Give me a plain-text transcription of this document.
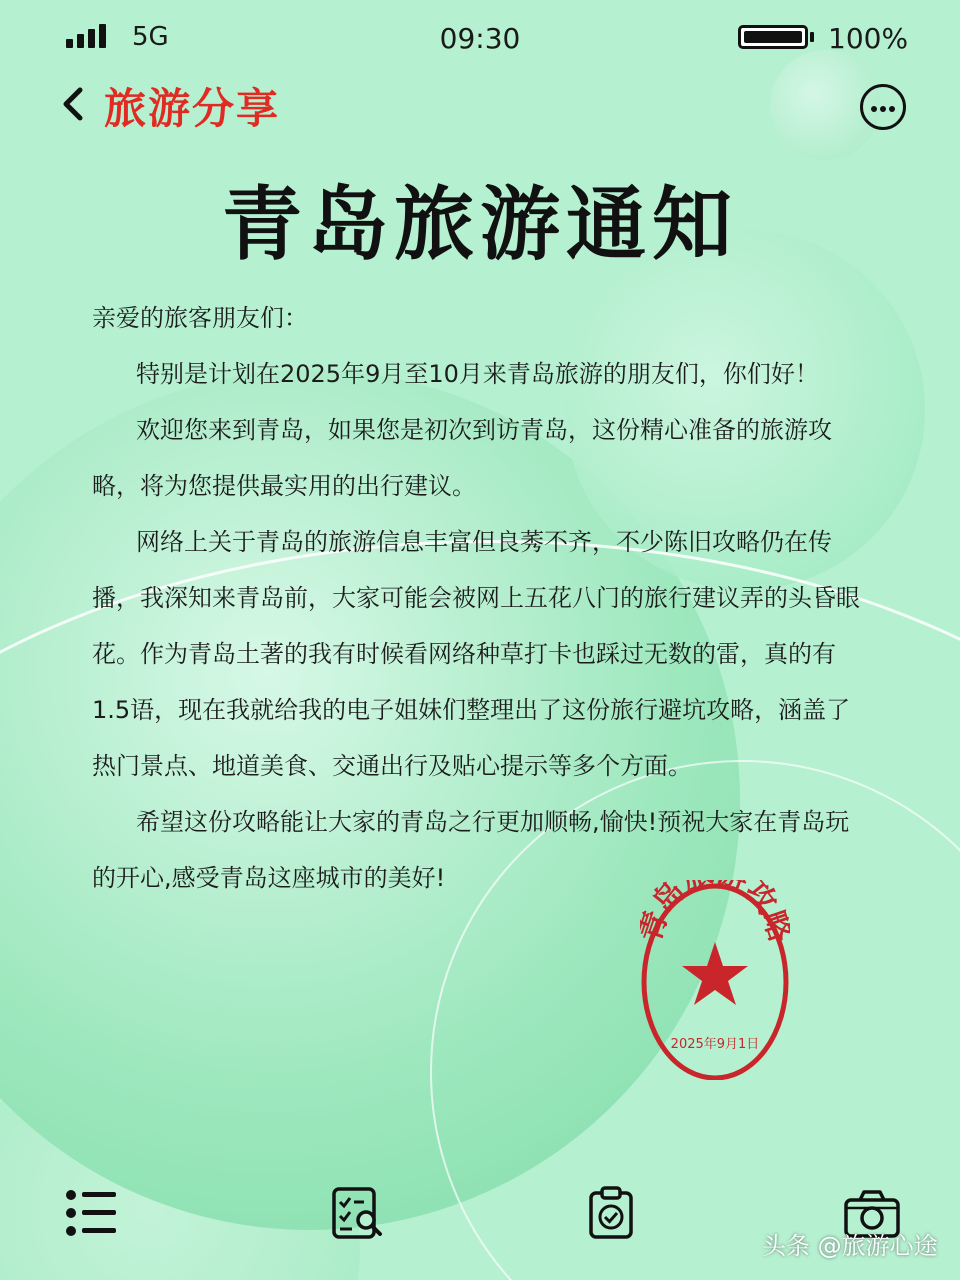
5G	09:30	100%
旅游分享
青岛旅游通知

亲爱的旅客朋友们：

特别是计划在2025年9月至10月来青岛旅游的朋友们，你们好！

欢迎您来到青岛，如果您是初次到访青岛，这份精心准备的旅游攻略，将为您提供最实用的出行建议。

网络上关于青岛的旅游信息丰富但良莠不齐，不少陈旧攻略仍在传播，我深知来青岛前，大家可能会被网上五花八门的旅行建议弄的头昏眼花。作为青岛土著的我有时候看网络种草打卡也踩过无数的雷，真的有1.5语，现在我就给我的电子姐妹们整理出了这份旅行避坑攻略，涵盖了热门景点、地道美食、交通出行及贴心提示等多个方面。

希望这份攻略能让大家的青岛之行更加顺畅,愉快!预祝大家在青岛玩的开心,感受青岛这座城市的美好!	岛 攻
2025年9月1日
头条 @旅游心途
